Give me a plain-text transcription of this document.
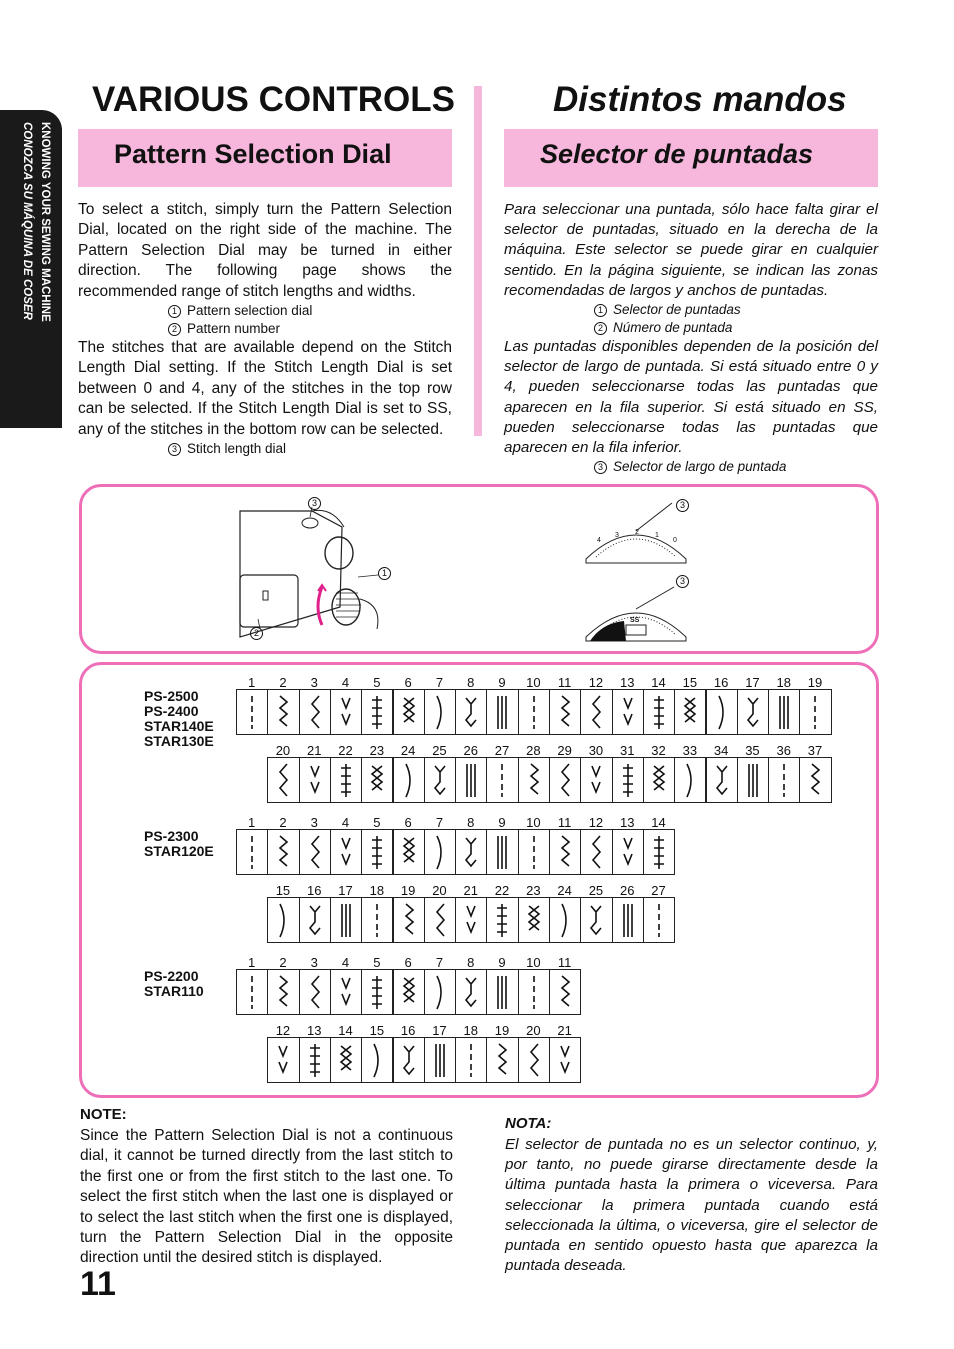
KNOWING YOUR SEWING MACHINE
CONOZCA SU MÁQUINA DE COSER
VARIOUS CONTROLS	Distintos mandos
Pattern Selection Dial	Selector de puntadas
To select a stitch, simply turn the Pattern Selection Dial, located on the right side of the machine. The Pattern Selection Dial may be turned in either direction. The following page shows the recommended range of stitch lengths and widths.
1 Pattern selection dial
2 Pattern number
The stitches that are available depend on the Stitch Length Dial setting. If the Stitch Length Dial is set between 0 and 4, any of the stitches in the top row can be selected. If the Stitch Length Dial is set to SS, any of the stitches in the bottom row can be selected.
3 Stitch length dial
Para seleccionar una puntada, sólo hace falta girar el selector de puntadas, situado en la derecha de la máquina. Este selector se puede girar en cualquier sentido. En la página siguiente, se indican las zonas recomendadas de largos y anchos de puntadas.
1 Selector de puntadas
2 Número de puntada
Las puntadas disponibles dependen de la posición del selector de largo de puntada. Si está situado entre 0 y 4, pueden seleccionarse todas las puntadas que aparecen en la fila superior. Si está situado en SS, pueden seleccionarse todas las puntadas que aparecen en la fila inferior.
3 Selector de largo de puntada
3
1
2
4
3 2 1
0
SS
3
3
PS-2500
PS-2400
STAR140E
STAR130E
1	2	3	4	5	6	7	8	9	10	11	12	13	14	15	16	17	18	19
20	21	22	23	24	25	26	27	28	29	30	31	32	33	34	35	36	37
PS-2300
STAR120E
1	2	3	4	5	6	7	8	9	10	11	12	13	14
15	16	17	18	19	20	21	22	23	24	25	26	27
PS-2200
STAR110
1	2	3	4	5	6	7	8	9	10	11
12	13	14	15	16	17	18	19	20	21
NOTE:
Since the Pattern Selection Dial is not a continuous dial, it cannot be turned directly from the last stitch to the first one or from the first stitch to the last one. To select the first stitch when the last one is displayed or to select the last stitch when the first one is displayed, turn the Pattern Selection Dial in the opposite direction until the desired stitch is displayed.
NOTA:
El selector de puntada no es un selector continuo, y, por tanto, no puede girarse directamente desde la última puntada hasta la primera o viceversa. Para seleccionar la primera puntada cuando está seleccionada la última, o viceversa, gire el selector de puntada en sentido opuesto hasta que aparezca la puntada deseada.
11
